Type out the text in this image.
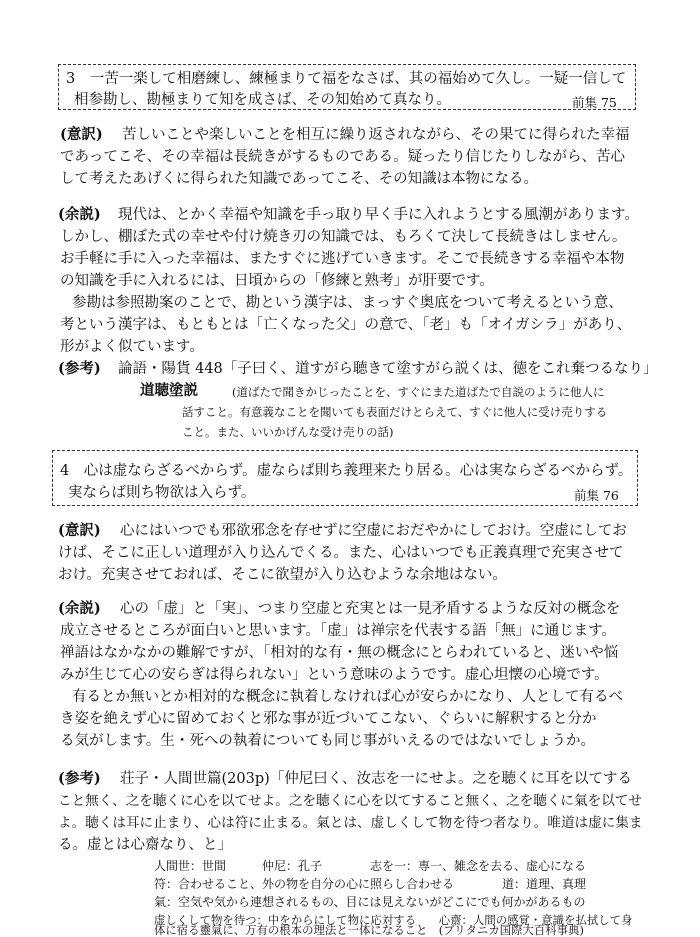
3　一苦一楽して相磨練し、練極まりて福をなさば、其の福始めて久し。一疑一信して
相参勘し、勘極まりて知を成さば、その知始めて真なり。	前集 75
(意訳) 苦しいことや楽しいことを相互に繰り返されながら、その果てに得られた幸福
であってこそ、その幸福は長続きがするものである。疑ったり信じたりしながら、苦心
して考えたあげくに得られた知識であってこそ、その知識は本物になる。
(余説) 現代は、とかく幸福や知識を手っ取り早く手に入れようとする風潮があります。
しかし、棚ぼた式の幸せや付け焼き刃の知識では、もろくて決して長続きはしません。
お手軽に手に入った幸福は、またすぐに逃げていきます。そこで長続きする幸福や本物
の知識を手に入れるには、日頃からの「修練と熟考」が肝要です。
参勘は参照勘案のことで、勘という漢字は、まっすぐ奥底をついて考えるという意、
考という漢字は、もともとは「亡くなった父」の意で、「老」も「オイガシラ」があり、
形がよく似ています。
(参考) 論語・陽貨 448「子曰く、道すがら聴きて塗すがら説くは、徳をこれ棄つるなり」
道聴塗説	(道ばたで聞きかじったことを、すぐにまた道ばたで自説のように他人に
話すこと。有意義なことを聞いても表面だけとらえて、すぐに他人に受け売りする
こと。また、いいかげんな受け売りの話)
4　心は虚ならざるべからず。虚ならば則ち義理来たり居る。心は実ならざるべからず。
実ならば則ち物欲は入らず。	前集 76
(意訳) 心にはいつでも邪欲邪念を存せずに空虚におだやかにしておけ。空虚にしてお
けば、そこに正しい道理が入り込んでくる。また、心はいつでも正義真理で充実させて
おけ。充実させておれば、そこに欲望が入り込むような余地はない。
(余説) 心の「虚」と「実」、つまり空虚と充実とは一見矛盾するような反対の概念を
成立させるところが面白いと思います。「虚」は禅宗を代表する語「無」に通じます。
禅語はなかなかの難解ですが、「相対的な有・無の概念にとらわれていると、迷いや悩
みが生じて心の安らぎは得られない」という意味のようです。虚心坦懐の心境です。
有るとか無いとか相対的な概念に執着しなければ心が安らかになり、人として有るべ
き姿を絶えず心に留めておくと邪な事が近づいてこない、ぐらいに解釈すると分か
る気がします。生・死への執着についても同じ事がいえるのではないでしょうか。
(参考) 荘子・人間世篇(203p)「仲尼曰く、汝志を一にせよ。之を聴くに耳を以てする
こと無く、之を聴くに心を以てせよ。之を聴くに心を以てすること無く、之を聴くに氣を以てせ
よ。聴くは耳に止まり、心は符に止まる。氣とは、虚しくして物を待つ者なり。唯道は虚に集ま
る。虚とは心齋なり、と」
人間世：世間　　　仲尼：孔子　　　　志を一：専一、雑念を去る、虚心になる
符：合わせること、外の物を自分の心に照らし合わせる　　　　道：道理、真理
氣：空気や気から連想されるもの、目には見えないがどこにでも何かがあるもの
虚しくして物を待つ：中をからにして物に応対する　　心齋：人間の感覚・意識を払拭して身
体に宿る靈氣に、万有の根本の理法と一体になること　(ブリタニカ国際大百科事典)
